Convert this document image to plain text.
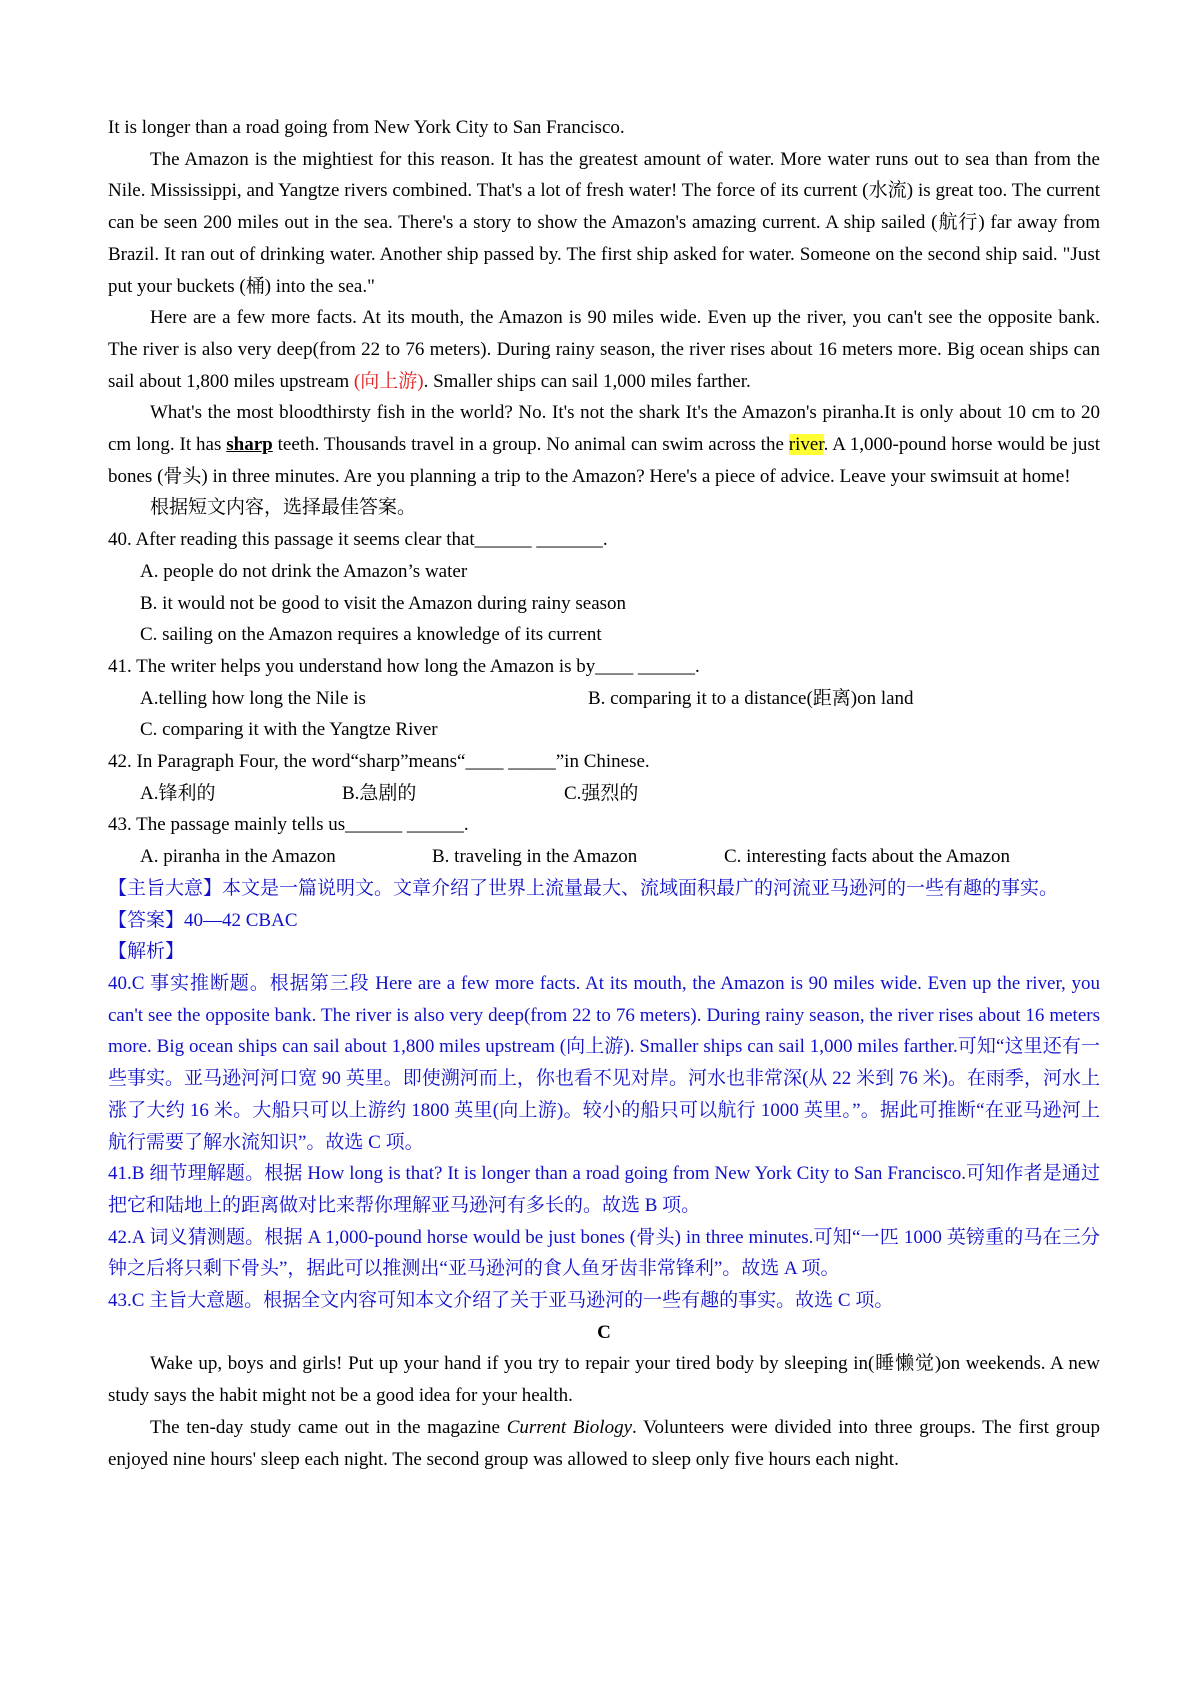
It is longer than a road going from New York City to San Francisco.

The Amazon is the mightiest for this reason. It has the greatest amount of water. More water runs out to sea than from the Nile. Mississippi, and Yangtze rivers combined. That's a lot of fresh water! The force of its current (水流) is great too. The current can be seen 200 miles out in the sea. There's a story to show the Amazon's amazing current. A ship sailed (航行) far away from Brazil. It ran out of drinking water. Another ship passed by. The first ship asked for water. Someone on the second ship said. "Just put your buckets (桶) into the sea."

Here are a few more facts. At its mouth, the Amazon is 90 miles wide. Even up the river, you can't see the opposite bank. The river is also very deep(from 22 to 76 meters). During rainy season, the river rises about 16 meters more. Big ocean ships can sail about 1,800 miles upstream (向上游). Smaller ships can sail 1,000 miles farther.

What's the most bloodthirsty fish in the world? No. It's not the shark It's the Amazon's piranha.It is only about 10 cm to 20 cm long. It has sharp teeth. Thousands travel in a group. No animal can swim across the river. A 1,000-pound horse would be just bones (骨头) in three minutes. Are you planning a trip to the Amazon? Here's a piece of advice. Leave your swimsuit at home!

根据短文内容，选择最佳答案。

40. After reading this passage it seems clear that______ _______.

A. people do not drink the Amazon’s water

B. it would not be good to visit the Amazon during rainy season

C. sailing on the Amazon requires a knowledge of its current

41. The writer helps you understand how long the Amazon is by____ ______.

A.telling how long the Nile is	B. comparing it to a distance(距离)on land

C. comparing it with the Yangtze River

42. In Paragraph Four, the word“sharp”means“____ _____”in Chinese.

A.锋利的	B.急剧的	C.强烈的

43. The passage mainly tells us______ ______.

A. piranha in the Amazon	B. traveling in the Amazon	C. interesting facts about the Amazon

【主旨大意】本文是一篇说明文。文章介绍了世界上流量最大、流域面积最广的河流亚马逊河的一些有趣的事实。

【答案】40—42 CBAC

【解析】

40.C 事实推断题。根据第三段 Here are a few more facts. At its mouth, the Amazon is 90 miles wide. Even up the river, you can't see the opposite bank. The river is also very deep(from 22 to 76 meters). During rainy season, the river rises about 16 meters more. Big ocean ships can sail about 1,800 miles upstream (向上游). Smaller ships can sail 1,000 miles farther.可知“这里还有一些事实。亚马逊河河口宽 90 英里。即使溯河而上，你也看不见对岸。河水也非常深(从 22 米到 76 米)。在雨季，河水上涨了大约 16 米。大船只可以上游约 1800 英里(向上游)。较小的船只可以航行 1000 英里。”。据此可推断“在亚马逊河上航行需要了解水流知识”。故选 C 项。

41.B 细节理解题。根据 How long is that? It is longer than a road going from New York City to San Francisco.可知作者是通过把它和陆地上的距离做对比来帮你理解亚马逊河有多长的。故选 B 项。

42.A 词义猜测题。根据 A 1,000-pound horse would be just bones (骨头) in three minutes.可知“一匹 1000 英镑重的马在三分钟之后将只剩下骨头”，据此可以推测出“亚马逊河的食人鱼牙齿非常锋利”。故选 A 项。

43.C 主旨大意题。根据全文内容可知本文介绍了关于亚马逊河的一些有趣的事实。故选 C 项。

C

Wake up, boys and girls! Put up your hand if you try to repair your tired body by sleeping in(睡懒觉)on weekends. A new study says the habit might not be a good idea for your health.

The ten-day study came out in the magazine Current Biology. Volunteers were divided into three groups. The first group enjoyed nine hours' sleep each night. The second group was allowed to sleep only five hours each night.
